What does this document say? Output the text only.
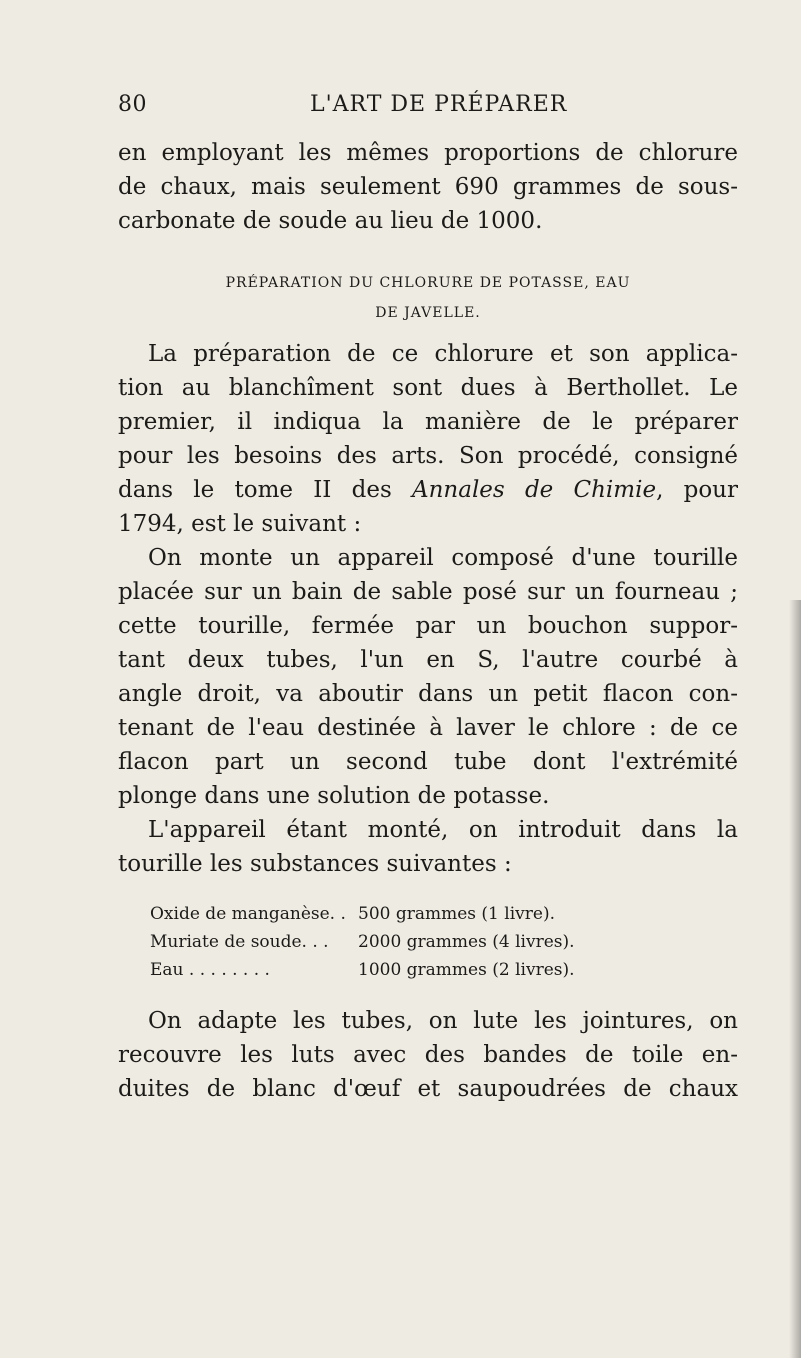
80	L'ART DE PRÉPARER
en employant les mêmes proportions de chlorure
de chaux, mais seulement 690 grammes de sous-
carbonate de soude au lieu de 1000.
PRÉPARATION DU CHLORURE DE POTASSE, EAU
DE JAVELLE.
La préparation de ce chlorure et son applica-
tion au blanchîment sont dues à Berthollet. Le
premier, il indiqua la manière de le préparer
pour les besoins des arts. Son procédé, consigné
dans le tome II des Annales de Chimie, pour
1794, est le suivant :
On monte un appareil composé d'une tourille
placée sur un bain de sable posé sur un fourneau ;
cette tourille, fermée par un bouchon suppor-
tant deux tubes, l'un en S, l'autre courbé à
angle droit, va aboutir dans un petit flacon con-
tenant de l'eau destinée à laver le chlore : de ce
flacon part un second tube dont l'extrémité
plonge dans une solution de potasse.
L'appareil étant monté, on introduit dans la
tourille les substances suivantes :
Oxide de manganèse. . 500 grammes (1 livre).
Muriate de soude. . . 2000 grammes (4 livres).
Eau . . . . . . . .	1000 grammes (2 livres).
On adapte les tubes, on lute les jointures, on
recouvre les luts avec des bandes de toile en-
duites de blanc d'œuf et saupoudrées de chaux
